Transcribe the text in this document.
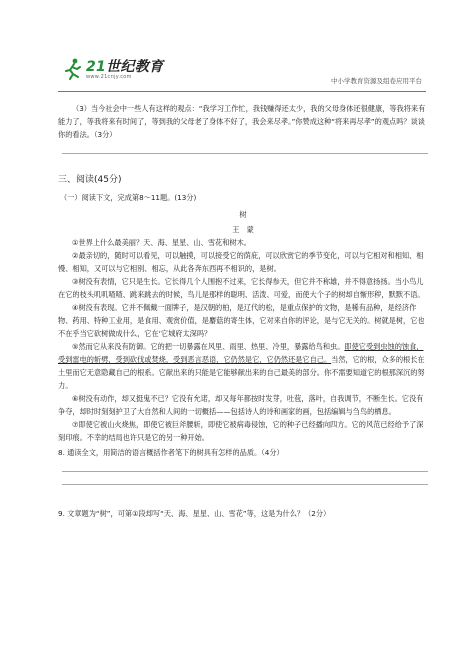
21世纪教育
www.21cnjy.com	中小学教育资源及组卷应用平台

（3）当今社会中一些人有这样的观点：“我学习工作忙，我钱赚得还太少，我的父母身体还很健康，等我将来有能力了，等我将来有时间了，等到我的父母老了身体不好了，我会来尽孝。”你赞成这种“将来再尽孝”的观点吗？谈谈你的看法。（3分）

三、阅读(45分)

（一）阅读下文，完成第8～11题。(13分)

树

王　蒙

①世界上什么最美丽？天、海、星星、山、雪花和树木。

②最亲切的，随时可以看见，可以触摸，可以接受它的荫庇，可以欣赏它的季节变化，可以与它相对和相知、相慢、相知，又可以与它相别、相忘，从此各奔东西再不相识的，是树。

③树没有表情，它只是生长。它长得几个人围抱不过来，它长得参天，但它并不称雄，并不得意扬扬。当小鸟儿在它的枝头叽叽喳喳、跳来跳去的时候，鸟儿是那样的聪明、活泼、可爱，而使大个子的树却自惭形秽，默默不语。

④树没有表现。它并不佩戴一面牌子，是汉朝的柏，是辽代的松，是重点保护的文物，是稀有品种，是经济作物、药用、特种工业用，是食用、观赏价值，是麝菇的寄生体，它对来自你的评论，是与它无关的。树就是树，它也不在乎当它砍树做成什么，它在‘它城府太深吗？

⑤然而它从来没有防御。它的把一切暴露在风里、雨里、热里、冷里，暴露给鸟和虫。即使它受到虫蚀的蚀食，受到雷电的斩劈，受到砍伐或焚烧，受到恶言恶语，它仍然是它，它仍然还是它自己。当然，它的根，众多的根长在土里而它无意隐藏自己的根系。它献出来的只能是它能够献出来的自己最美的部分。你不需要知道它的根那深沉的努力。

⑥树没有动作，却又挺鬼不已？它没有允诺，却又每年都按时发芽，吐苞，落叶，自我调节，不断生长。它没有争夺，却时时刻刻护卫了大自然和人间的一切概括——包括诗人的诗和画家的画，包括编辑与刍鸟的栖息。

⑦即使它被山火烧焦，即使它被巨斧腰斩，即使它被病毒侵蚀，它的种子已经播向四方。它的风范已经给予了深刻印痕。不幸的结局也许只是它的另一种开始。

8. 通读全文，用简洁的语言概括作者笔下的树具有怎样的品质。（4分）

9. 文章题为“树”，可第①段却写“天、海、星星、山、雪花”等，这是为什么？（2分）
